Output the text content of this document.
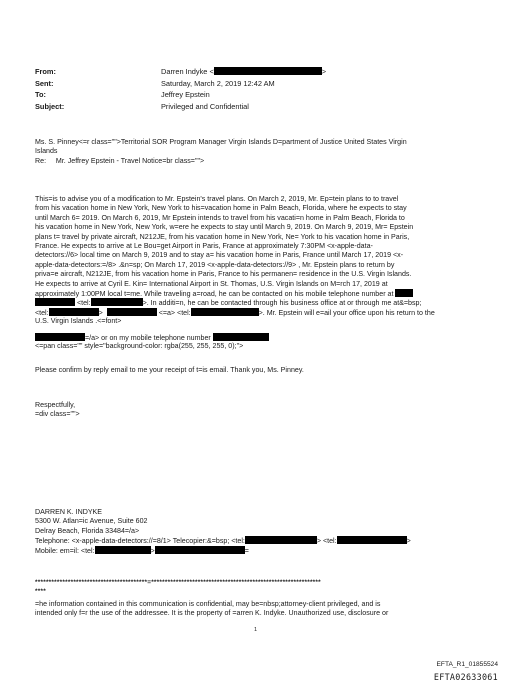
From:	Darren Indyke <	>
Sent:	Saturday, March 2, 2019 12:42 AM
To:	Jeffrey Epstein
Subject:	Privileged and Confidential
Ms. S. Pinney<=r class="">Territorial SOR Program Manager Virgin Islands D=partment of Justice United States Virgin
Islands
Re: Mr. Jeffrey Epstein - Travel Notice=br class="">
This=is to advise you of a modification to Mr. Epstein's travel plans. On March 2, 2019, Mr. Ep=tein plans to to travel
from his vacation home in New York, New York to his=vacation home in Palm Beach, Florida, where he expects to stay
until March 6= 2019. On March 6, 2019, Mr Epstein intends to travel from his vacati=n home in Palm Beach, Florida to
his vacation home in New York, New York, w=ere he expects to stay until March 9, 2019. On March 9, 2019, Mr= Epstein
plans t= travel by private aircraft, N212JE, from his vacation home in New York, Ne= York to his vacation home in Paris,
France. He expects to arrive at Le Bou=get Airport in Paris, France at approximately 7:30PM <x-apple-data-
detectors://6> local time on March 9, 2019 and to stay a= his vacation home in Paris, France until March 17, 2019 <x-
apple-data-detectors:=/8> .&n=sp; On March 17, 2019 <x-apple-data-detectors://9> , Mr. Epstein plans to return by
priva=e aircraft, N212JE, from his vacation home in Paris, France to his permanen= residence in the U.S. Virgin Islands.
He expects to arrive at Cyril E. Kin= International Airport in St. Thomas, U.S. Virgin Islands on M=rch 17, 2019 at
approximately 1:00PM local t=me. While traveling a=road, he can be contacted on his mobile telephone number at
<tel:	>. In additi=n, he can be contacted through his business office at or through me at&=bsp;
<tel:	>	<=a> <tel:	>. Mr. Epstein will e=ail your office upon his return to the
U.S. Virgin Islands .<=font>
=/a> or on my mobile telephone number
<=pan class="" style="background-color: rgba(255, 255, 255, 0);">
Please confirm by reply email to me your receipt of t=is email. Thank you, Ms. Pinney.
Respectfully,
=div class="">
DARREN K. INDYKE
5300 W. Atlan=ic Avenue, Suite 602
Delray Beach, Florida 33484=/a>
Telephone: <x-apple-data-detectors://=8/1> Telecopier:&=bsp; <tel:	> <tel:	>
Mobile: em=il: <tel:	>	=
*****************************************=**************************************************************
****
=he information contained in this communication is confidential, may be=nbsp;attorney-client privileged, and is
intended only f=r the use of the addressee. It is the property of =arren K. Indyke. Unauthorized use, disclosure or
1
EFTA_R1_01855524
EFTA02633061
